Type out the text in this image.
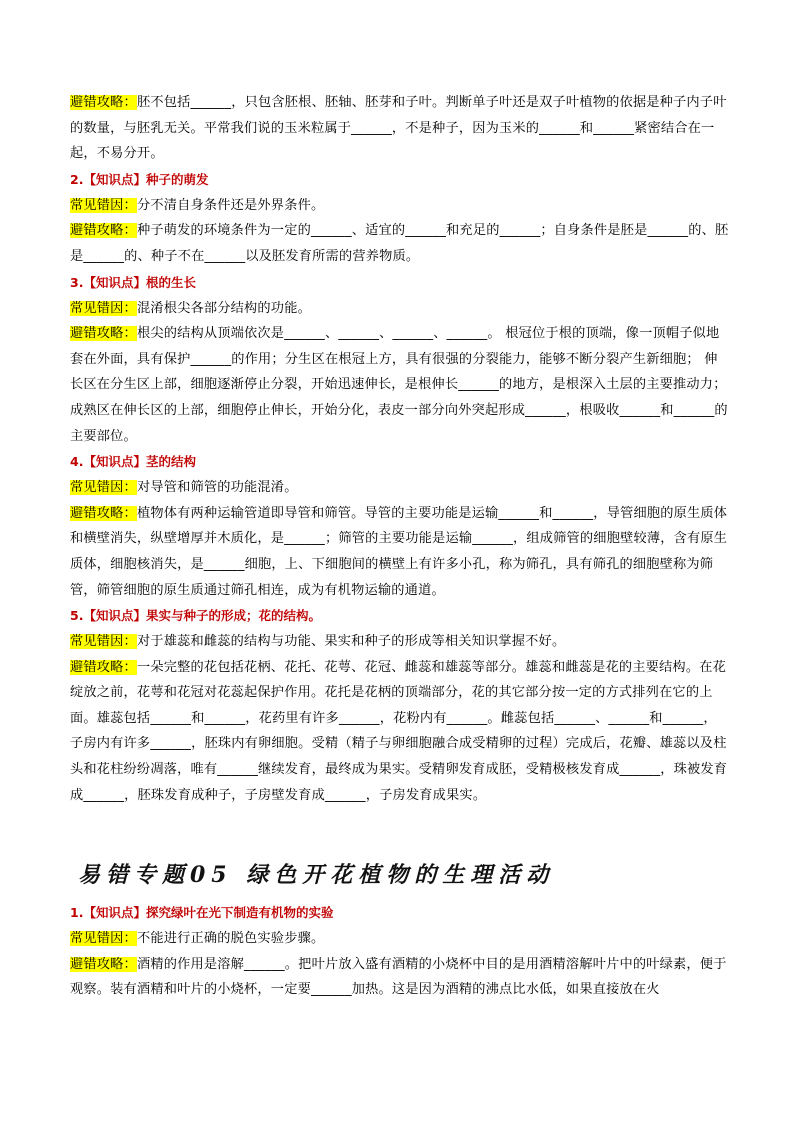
避错攻略：胚不包括______，只包含胚根、胚轴、胚芽和子叶。判断单子叶还是双子叶植物的依据是种子内子叶的数量，与胚乳无关。平常我们说的玉米粒属于______，不是种子，因为玉米的______和______紧密结合在一起，不易分开。

2.【知识点】种子的萌发

常见错因：分不清自身条件还是外界条件。

避错攻略：种子萌发的环境条件为一定的______、适宜的______和充足的______；自身条件是胚是______的、胚是______的、种子不在______以及胚发育所需的营养物质。

3.【知识点】根的生长

常见错因：混淆根尖各部分结构的功能。

避错攻略：根尖的结构从顶端依次是______、______、______、______。 根冠位于根的顶端，像一顶帽子似地套在外面，具有保护______的作用；分生区在根冠上方，具有很强的分裂能力，能够不断分裂产生新细胞； 伸长区在分生区上部，细胞逐渐停止分裂，开始迅速伸长，是根伸长______的地方，是根深入土层的主要推动力；成熟区在伸长区的上部，细胞停止伸长，开始分化，表皮一部分向外突起形成______，根吸收______和______的主要部位。

4.【知识点】茎的结构

常见错因：对导管和筛管的功能混淆。

避错攻略：植物体有两种运输管道即导管和筛管。导管的主要功能是运输______和______，导管细胞的原生质体和横壁消失，纵壁增厚并木质化，是______；筛管的主要功能是运输______，组成筛管的细胞壁较薄，含有原生质体，细胞核消失，是______细胞，上、下细胞间的横壁上有许多小孔，称为筛孔，具有筛孔的细胞壁称为筛管，筛管细胞的原生质通过筛孔相连，成为有机物运输的通道。

5.【知识点】果实与种子的形成；花的结构。

常见错因：对于雄蕊和雌蕊的结构与功能、果实和种子的形成等相关知识掌握不好。

避错攻略：一朵完整的花包括花柄、花托、花萼、花冠、雌蕊和雄蕊等部分。雄蕊和雌蕊是花的主要结构。在花绽放之前，花萼和花冠对花蕊起保护作用。花托是花柄的顶端部分，花的其它部分按一定的方式排列在它的上面。雄蕊包括______和______，花药里有许多______，花粉内有______。雌蕊包括______、______和______，子房内有许多______，胚珠内有卵细胞。受精（精子与卵细胞融合成受精卵的过程）完成后，花瓣、雄蕊以及柱头和花柱纷纷凋落，唯有______继续发育，最终成为果实。受精卵发育成胚，受精极核发育成______，珠被发育成______，胚珠发育成种子，子房壁发育成______，子房发育成果实。

易错专题05 绿色开花植物的生理活动

1.【知识点】探究绿叶在光下制造有机物的实验

常见错因：不能进行正确的脱色实验步骤。

避错攻略：酒精的作用是溶解______。把叶片放入盛有酒精的小烧杯中目的是用酒精溶解叶片中的叶绿素，便于观察。装有酒精和叶片的小烧杯，一定要______加热。这是因为酒精的沸点比水低，如果直接放在火
